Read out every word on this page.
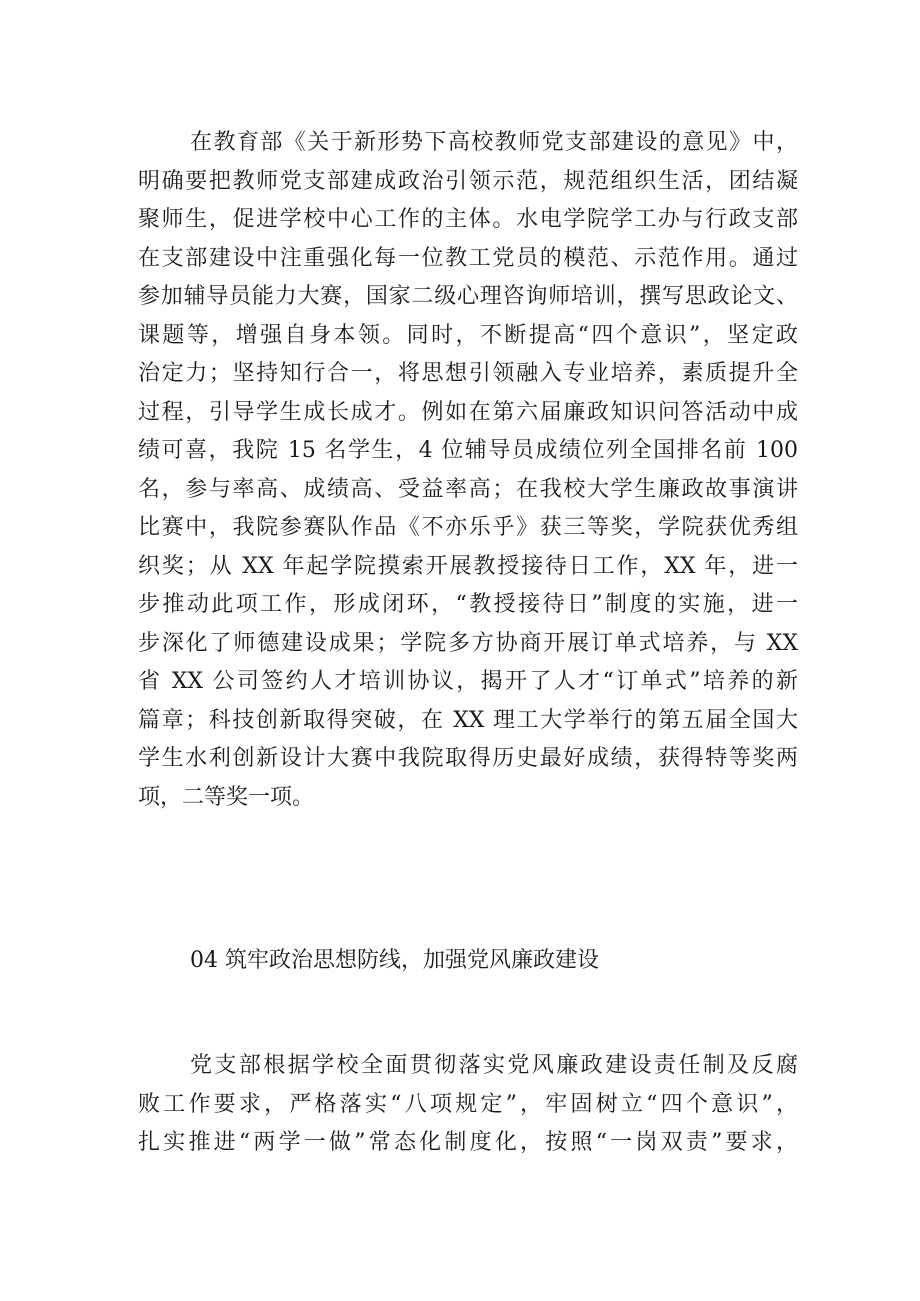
在教育部《关于新形势下高校教师党支部建设的意见》中，
明确要把教师党支部建成政治引领示范，规范组织生活，团结凝
聚师生，促进学校中心工作的主体。水电学院学工办与行政支部
在支部建设中注重强化每一位教工党员的模范、示范作用。通过
参加辅导员能力大赛，国家二级心理咨询师培训，撰写思政论文、
课题等，增强自身本领。同时，不断提高“四个意识”，坚定政
治定力；坚持知行合一，将思想引领融入专业培养，素质提升全
过程，引导学生成长成才。例如在第六届廉政知识问答活动中成
绩可喜，我院 15 名学生，4 位辅导员成绩位列全国排名前 100
名，参与率高、成绩高、受益率高；在我校大学生廉政故事演讲
比赛中，我院参赛队作品《不亦乐乎》获三等奖，学院获优秀组
织奖；从 XX 年起学院摸索开展教授接待日工作，XX 年，进一
步推动此项工作，形成闭环，“教授接待日”制度的实施，进一
步深化了师德建设成果；学院多方协商开展订单式培养，与 XX
省 XX 公司签约人才培训协议，揭开了人才“订单式”培养的新
篇章；科技创新取得突破，在 XX 理工大学举行的第五届全国大
学生水利创新设计大赛中我院取得历史最好成绩，获得特等奖两
项，二等奖一项。
04 筑牢政治思想防线，加强党风廉政建设
党支部根据学校全面贯彻落实党风廉政建设责任制及反腐
败工作要求，严格落实“八项规定”，牢固树立“四个意识”，
扎实推进“两学一做”常态化制度化，按照“一岗双责”要求，
